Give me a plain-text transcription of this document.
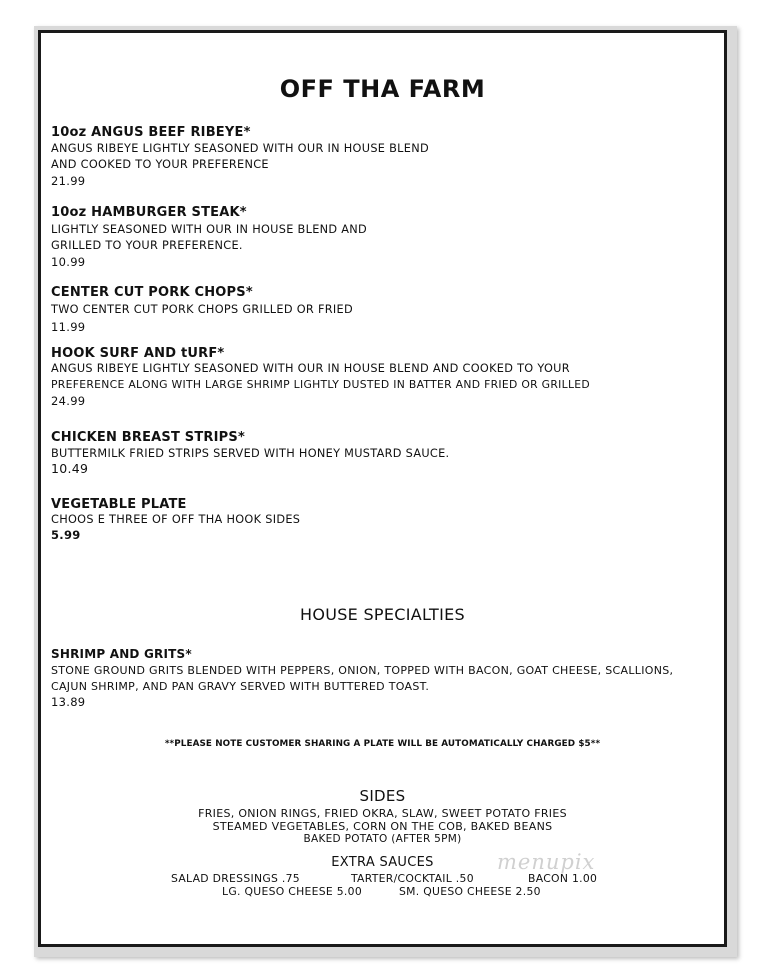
OFF THA FARM
10oz ANGUS BEEF RIBEYE*
ANGUS RIBEYE LIGHTLY SEASONED WITH OUR IN HOUSE BLEND
AND COOKED TO YOUR PREFERENCE
21.99
10oz HAMBURGER STEAK*
LIGHTLY SEASONED WITH OUR IN HOUSE BLEND AND
GRILLED TO YOUR PREFERENCE.
10.99
CENTER CUT PORK CHOPS*
TWO CENTER CUT PORK CHOPS GRILLED OR FRIED
11.99
HOOK SURF AND tURF*
ANGUS RIBEYE LIGHTLY SEASONED WITH OUR IN HOUSE BLEND AND COOKED TO YOUR
PREFERENCE ALONG WITH LARGE SHRIMP LIGHTLY DUSTED IN BATTER AND FRIED OR GRILLED
24.99
CHICKEN BREAST STRIPS*
BUTTERMILK FRIED STRIPS SERVED WITH HONEY MUSTARD SAUCE.
10.49
VEGETABLE PLATE
CHOOS E THREE OF OFF THA HOOK SIDES
5.99
HOUSE SPECIALTIES
SHRIMP AND GRITS*
STONE GROUND GRITS BLENDED WITH PEPPERS, ONION, TOPPED WITH BACON, GOAT CHEESE, SCALLIONS,
CAJUN SHRIMP, AND PAN GRAVY SERVED WITH BUTTERED TOAST.
13.89
**PLEASE NOTE CUSTOMER SHARING A PLATE WILL BE AUTOMATICALLY CHARGED $5**
SIDES
FRIES, ONION RINGS, FRIED OKRA, SLAW, SWEET POTATO FRIES
STEAMED VEGETABLES, CORN ON THE COB, BAKED BEANS
BAKED POTATO (AFTER 5PM)
EXTRA SAUCES
SALAD DRESSINGS .75	TARTER/COCKTAIL .50	BACON 1.00
LG. QUESO CHEESE 5.00	SM. QUESO CHEESE 2.50
menupix
